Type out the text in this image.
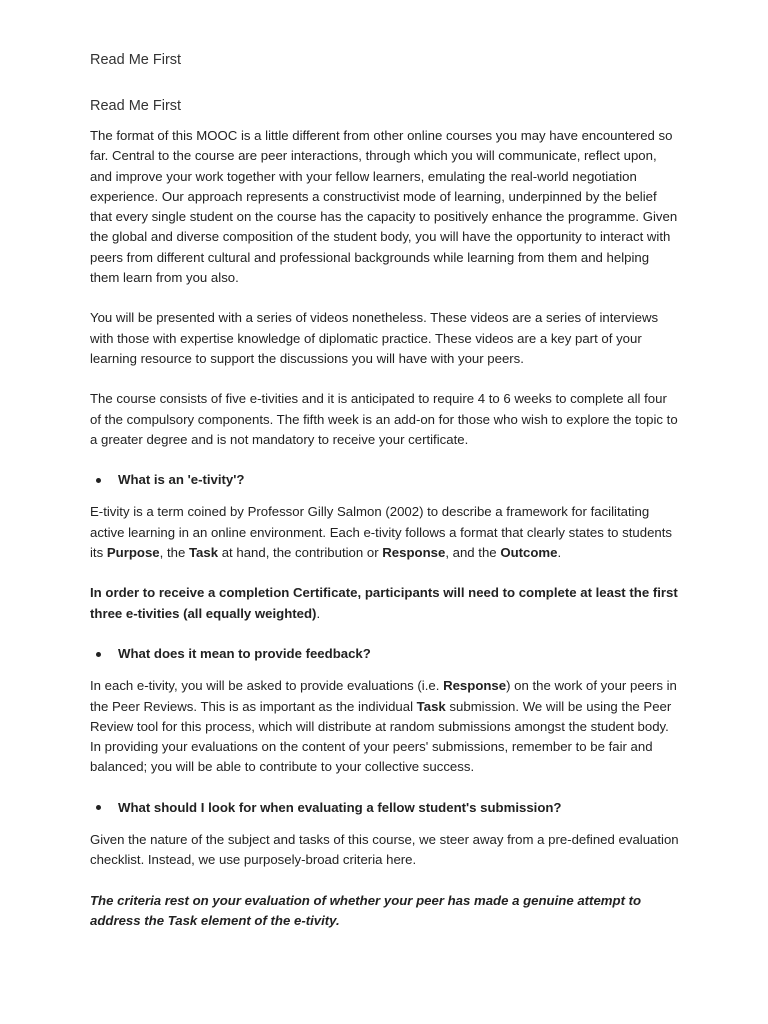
Read Me First
Read Me First

The format of this MOOC is a little different from other online courses you may have encountered so far. Central to the course are peer interactions, through which you will communicate, reflect upon, and improve your work together with your fellow learners, emulating the real-world negotiation experience. Our approach represents a constructivist mode of learning, underpinned by the belief that every single student on the course has the capacity to positively enhance the programme. Given the global and diverse composition of the student body, you will have the opportunity to interact with peers from different cultural and professional backgrounds while learning from them and helping them learn from you also.

You will be presented with a series of videos nonetheless. These videos are a series of interviews with those with expertise knowledge of diplomatic practice. These videos are a key part of your learning resource to support the discussions you will have with your peers.

The course consists of five e-tivities and it is anticipated to require 4 to 6 weeks to complete all four of the compulsory components. The fifth week is an add-on for those who wish to explore the topic to a greater degree and is not mandatory to receive your certificate.

What is an 'e-tivity'?

E-tivity is a term coined by Professor Gilly Salmon (2002) to describe a framework for facilitating active learning in an online environment. Each e-tivity follows a format that clearly states to students its Purpose, the Task at hand, the contribution or Response, and the Outcome.

In order to receive a completion Certificate, participants will need to complete at least the first three e-tivities (all equally weighted).

What does it mean to provide feedback?

In each e-tivity, you will be asked to provide evaluations (i.e. Response) on the work of your peers in the Peer Reviews. This is as important as the individual Task submission. We will be using the Peer Review tool for this process, which will distribute at random submissions amongst the student body. In providing your evaluations on the content of your peers' submissions, remember to be fair and balanced; you will be able to contribute to your collective success.

What should I look for when evaluating a fellow student's submission?

Given the nature of the subject and tasks of this course, we steer away from a pre-defined evaluation checklist. Instead, we use purposely-broad criteria here.

The criteria rest on your evaluation of whether your peer has made a genuine attempt to address the Task element of the e-tivity.
